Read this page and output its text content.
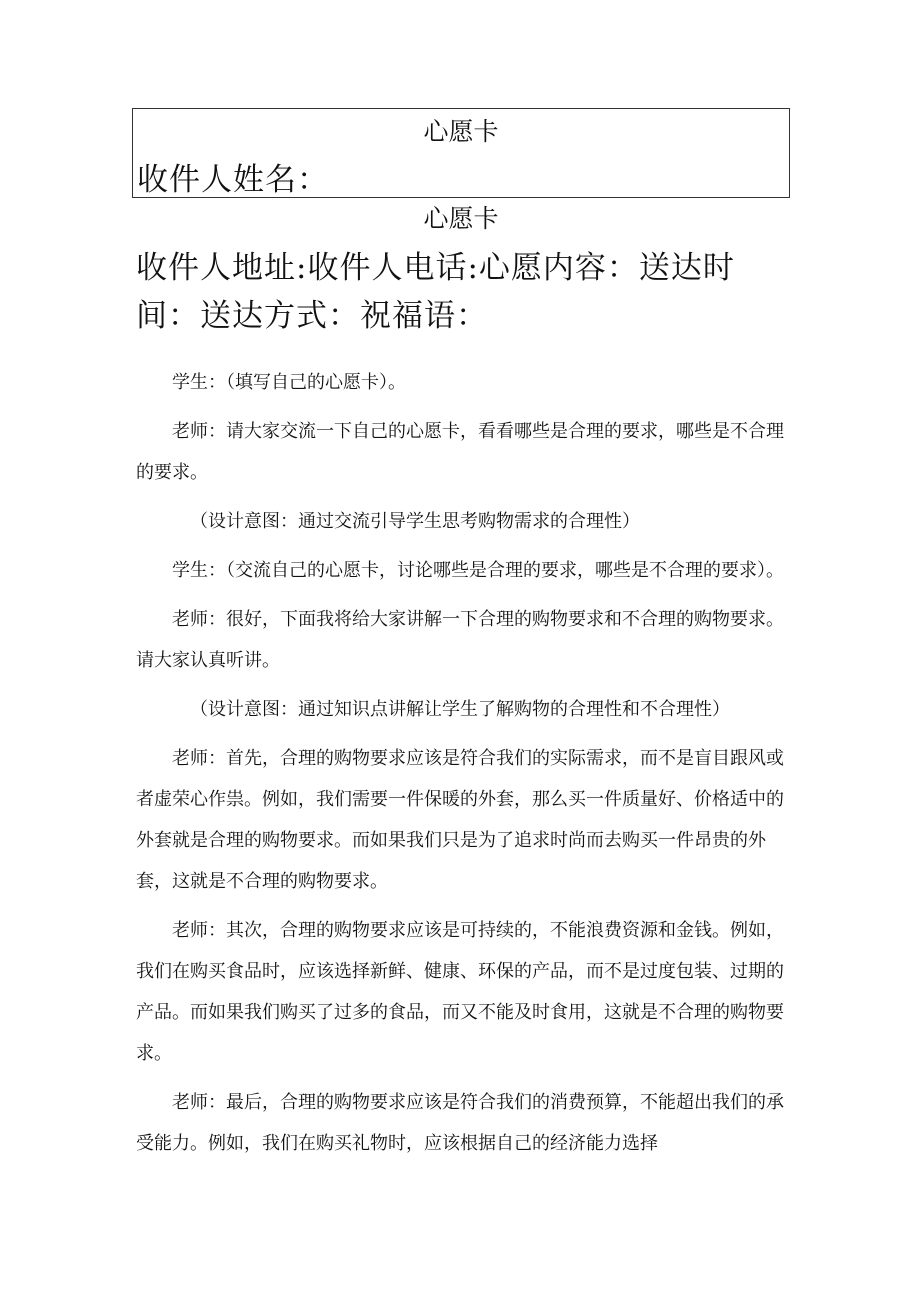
心愿卡
收件人姓名：
心愿卡

收件人地址:收件人电话:心愿内容：送达时间：送达方式：祝福语：

学生：（填写自己的心愿卡）。

老师：请大家交流一下自己的心愿卡，看看哪些是合理的要求，哪些是不合理的要求。

（设计意图：通过交流引导学生思考购物需求的合理性）

学生：（交流自己的心愿卡，讨论哪些是合理的要求，哪些是不合理的要求）。

老师：很好，下面我将给大家讲解一下合理的购物要求和不合理的购物要求。请大家认真听讲。

（设计意图：通过知识点讲解让学生了解购物的合理性和不合理性）

老师：首先，合理的购物要求应该是符合我们的实际需求，而不是盲目跟风或者虚荣心作祟。例如，我们需要一件保暖的外套，那么买一件质量好、价格适中的外套就是合理的购物要求。而如果我们只是为了追求时尚而去购买一件昂贵的外套，这就是不合理的购物要求。

老师：其次，合理的购物要求应该是可持续的，不能浪费资源和金钱。例如，我们在购买食品时，应该选择新鲜、健康、环保的产品，而不是过度包装、过期的产品。而如果我们购买了过多的食品，而又不能及时食用，这就是不合理的购物要求。

老师：最后，合理的购物要求应该是符合我们的消费预算，不能超出我们的承受能力。例如，我们在购买礼物时，应该根据自己的经济能力选择
